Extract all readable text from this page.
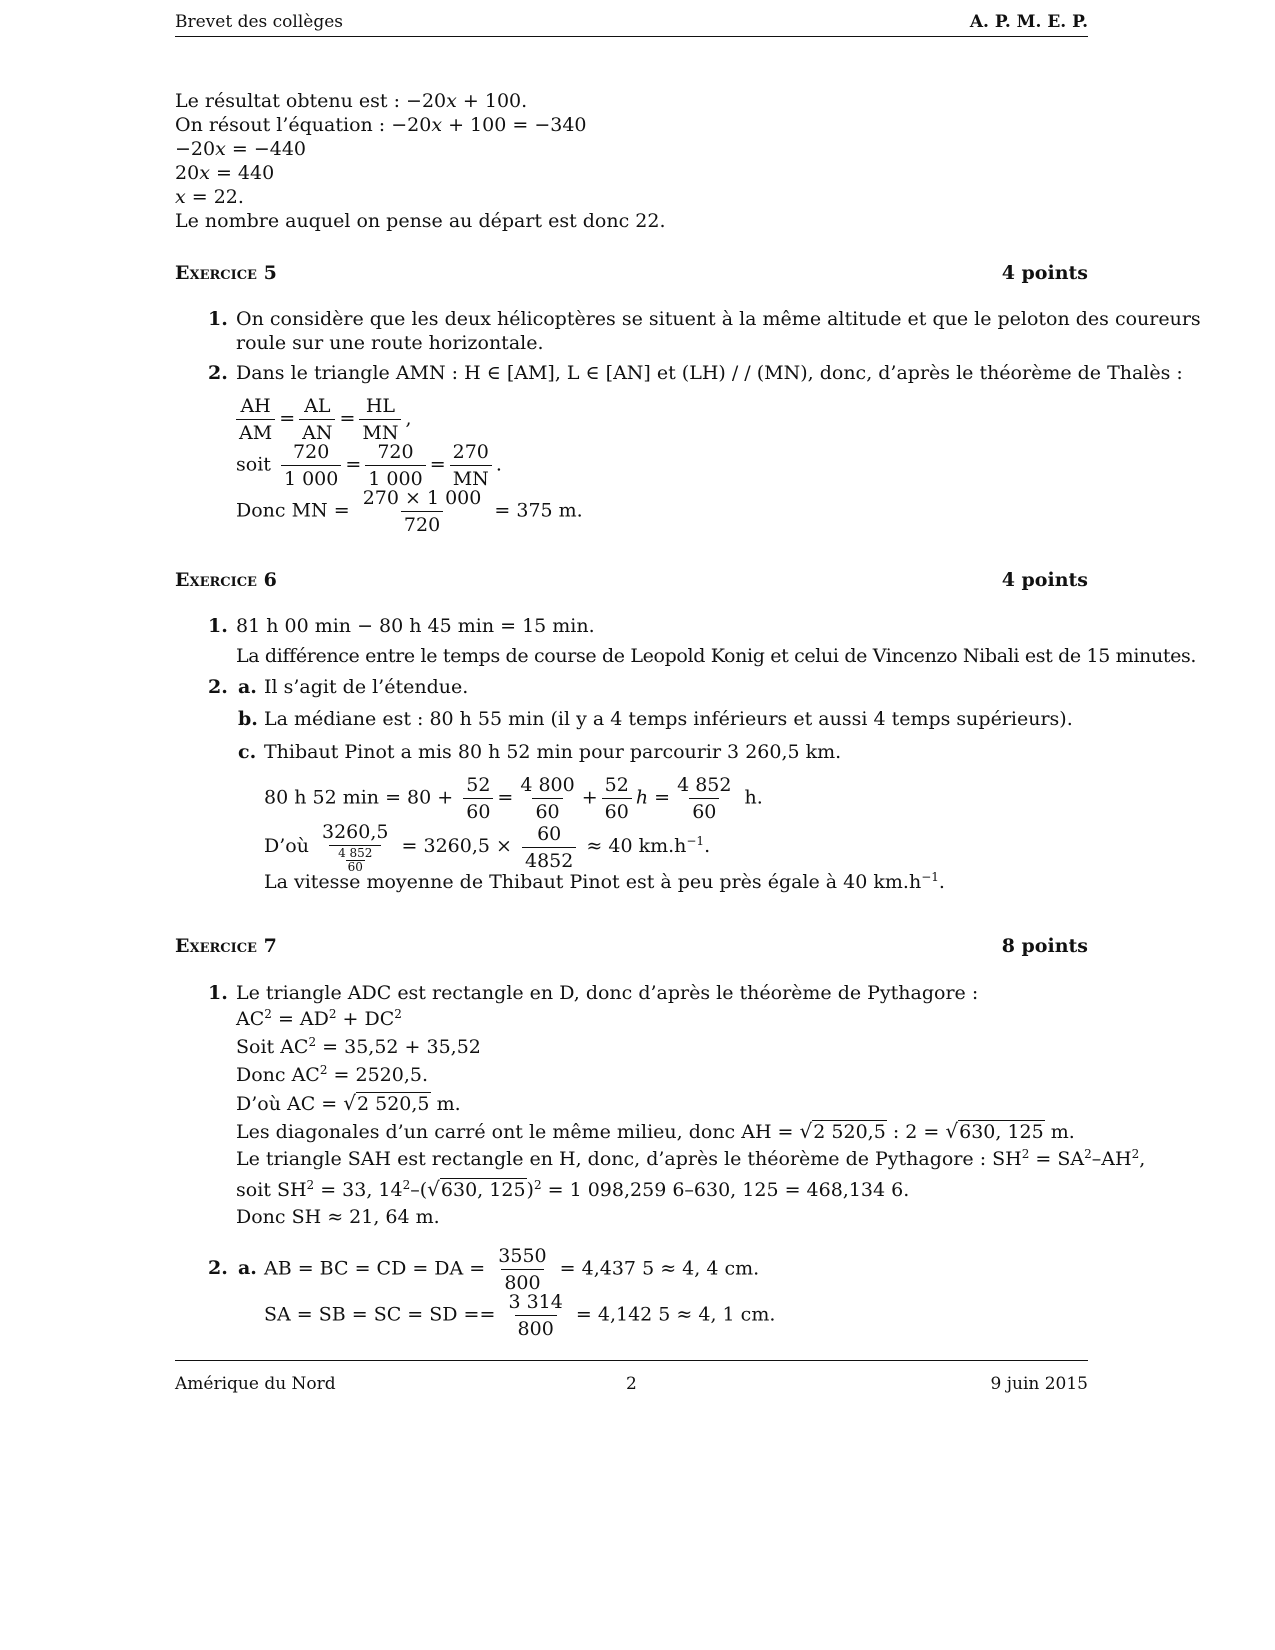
Brevet des collèges	A. P. M. E. P.
Le résultat obtenu est : −20x + 100.
On résout l’équation : −20x + 100 = −340
−20x = −440
20x = 440
x = 22.
Le nombre auquel on pense au départ est donc 22.
Exercice 5	4 points
1. On considère que les deux hélicoptères se situent à la même altitude et que le peloton des coureurs
roule sur une route horizontale.
2. Dans le triangle AMN : H ∈ [AM], L ∈ [AN] et (LH) / / (MN), donc, d’après le théorème de Thalès :
$\frac{AH}{AM} = \frac{AL}{AN} = \frac{HL}{MN}$ ,
soit $\frac{720}{1 000} = \frac{720}{1 000} = \frac{270}{MN}$ .
Donc MN = $\frac{270 \times 1 000}{720} = 375$ m.
Exercice 6	4 points
1. 81 h 00 min − 80 h 45 min = 15 min.
La différence entre le temps de course de Leopold Konig et celui de Vincenzo Nibali est de 15 minutes.
2. a. Il s’agit de l’étendue.
b. La médiane est : 80 h 55 min (il y a 4 temps inférieurs et aussi 4 temps supérieurs).
c. Thibaut Pinot a mis 80 h 52 min pour parcourir 3 260,5 km.
80 h 52 $\min = 80 + \frac{52}{60} = \frac{4 800}{60} + \frac{52}{60}$ $h = \frac{4 852}{60} h$.
D’où $\frac{3260,5}{\frac{4 852}{60}} = 3260,5 \times \frac{60}{4852} \approx 40$ $km.h^{-1}$.
La vitesse moyenne de Thibaut Pinot est à peu près égale à 40 $km.h^{-1}$.
Exercice 7	8 points
1. Le triangle ADC est rectangle en D, donc d’après le théorème de Pythagore :
$AC^2 = AD^2 + DC^2$
Soit $AC^2 = 35,52 + 35,52$
Donc $AC^2 = 2520,5$.
D’où AC = √2 520,5 m.
Les diagonales d’un carré ont le même milieu, donc AH = √2 520,5 : 2 = √630, 125 m.
Le triangle SAH est rectangle en H, donc, d’après le théorème de Pythagore : $SH^2 = SA^2-AH^2$,
soit $SH^2 = 33$, $14^2-(√630$, 125)$^2$ = 1 098,259 6–630, 125 = 468,134 6.
Donc SH ≈ 21, 64 m.
2. a. AB = BC = CD = DA = $\frac{3550}{800} = 4,437$ 5 ≈ 4, 4 cm.
SA = SB = SC = SD == $\frac{3 314}{800} = 4,142$ 5 ≈ 4, 1 cm.
Amérique du Nord	2	9 juin 2015
